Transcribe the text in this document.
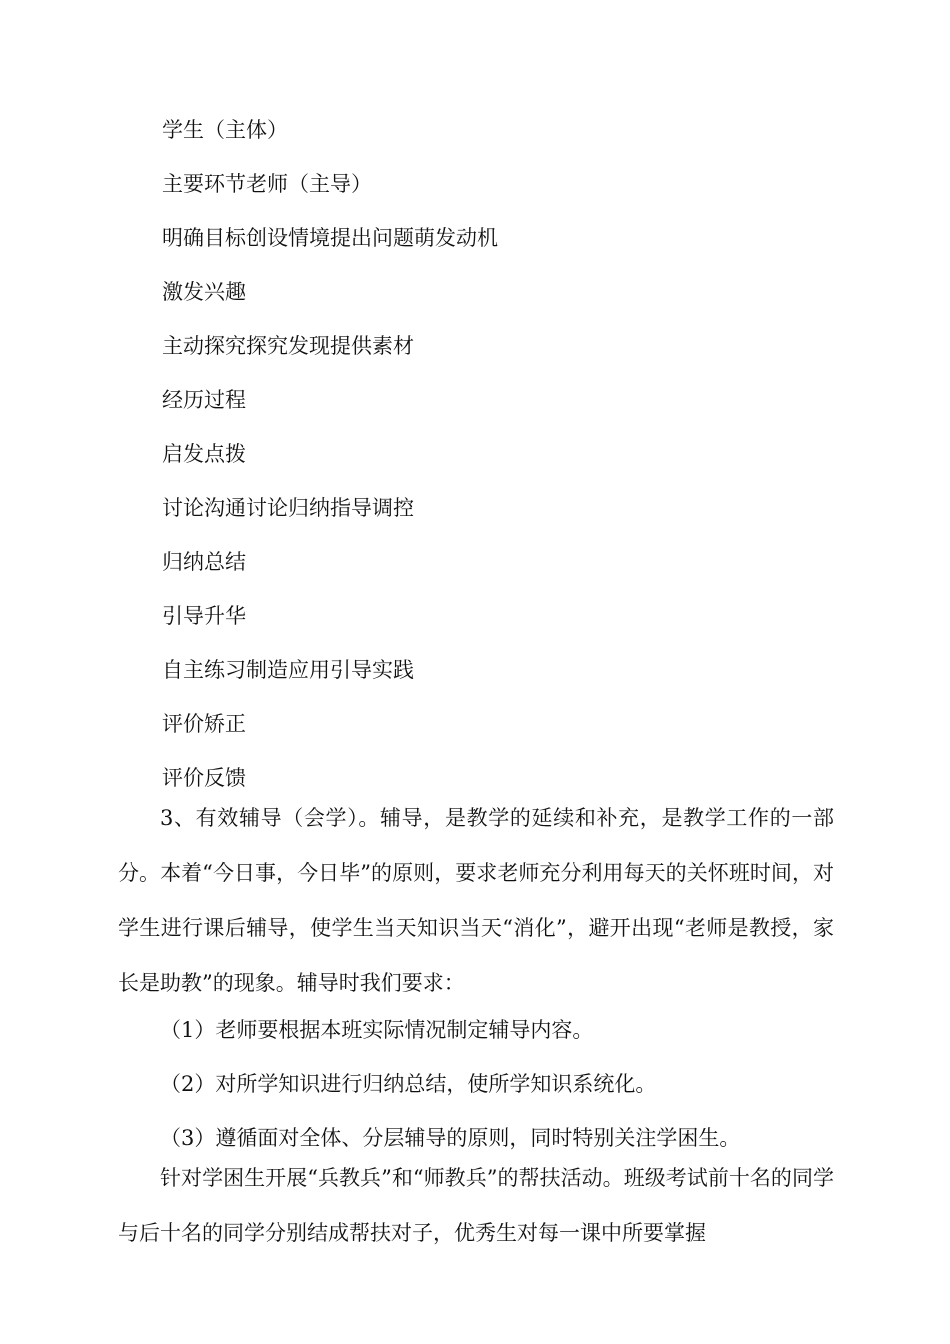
学生（主体）
主要环节老师（主导）
明确目标创设情境提出问题萌发动机
激发兴趣
主动探究探究发现提供素材
经历过程
启发点拨
讨论沟通讨论归纳指导调控
归纳总结
引导升华
自主练习制造应用引导实践
评价矫正
评价反馈

3、有效辅导（会学）。辅导，是教学的延续和补充，是教学工作的一部分。本着“今日事，今日毕”的原则，要求老师充分利用每天的关怀班时间，对学生进行课后辅导，使学生当天知识当天“消化”，避开出现“老师是教授，家长是助教”的现象。辅导时我们要求：

（1）老师要根据本班实际情况制定辅导内容。
（2）对所学知识进行归纳总结，使所学知识系统化。
（3）遵循面对全体、分层辅导的原则，同时特别关注学困生。

针对学困生开展“兵教兵”和“师教兵”的帮扶活动。班级考试前十名的同学与后十名的同学分别结成帮扶对子，优秀生对每一课中所要掌握
